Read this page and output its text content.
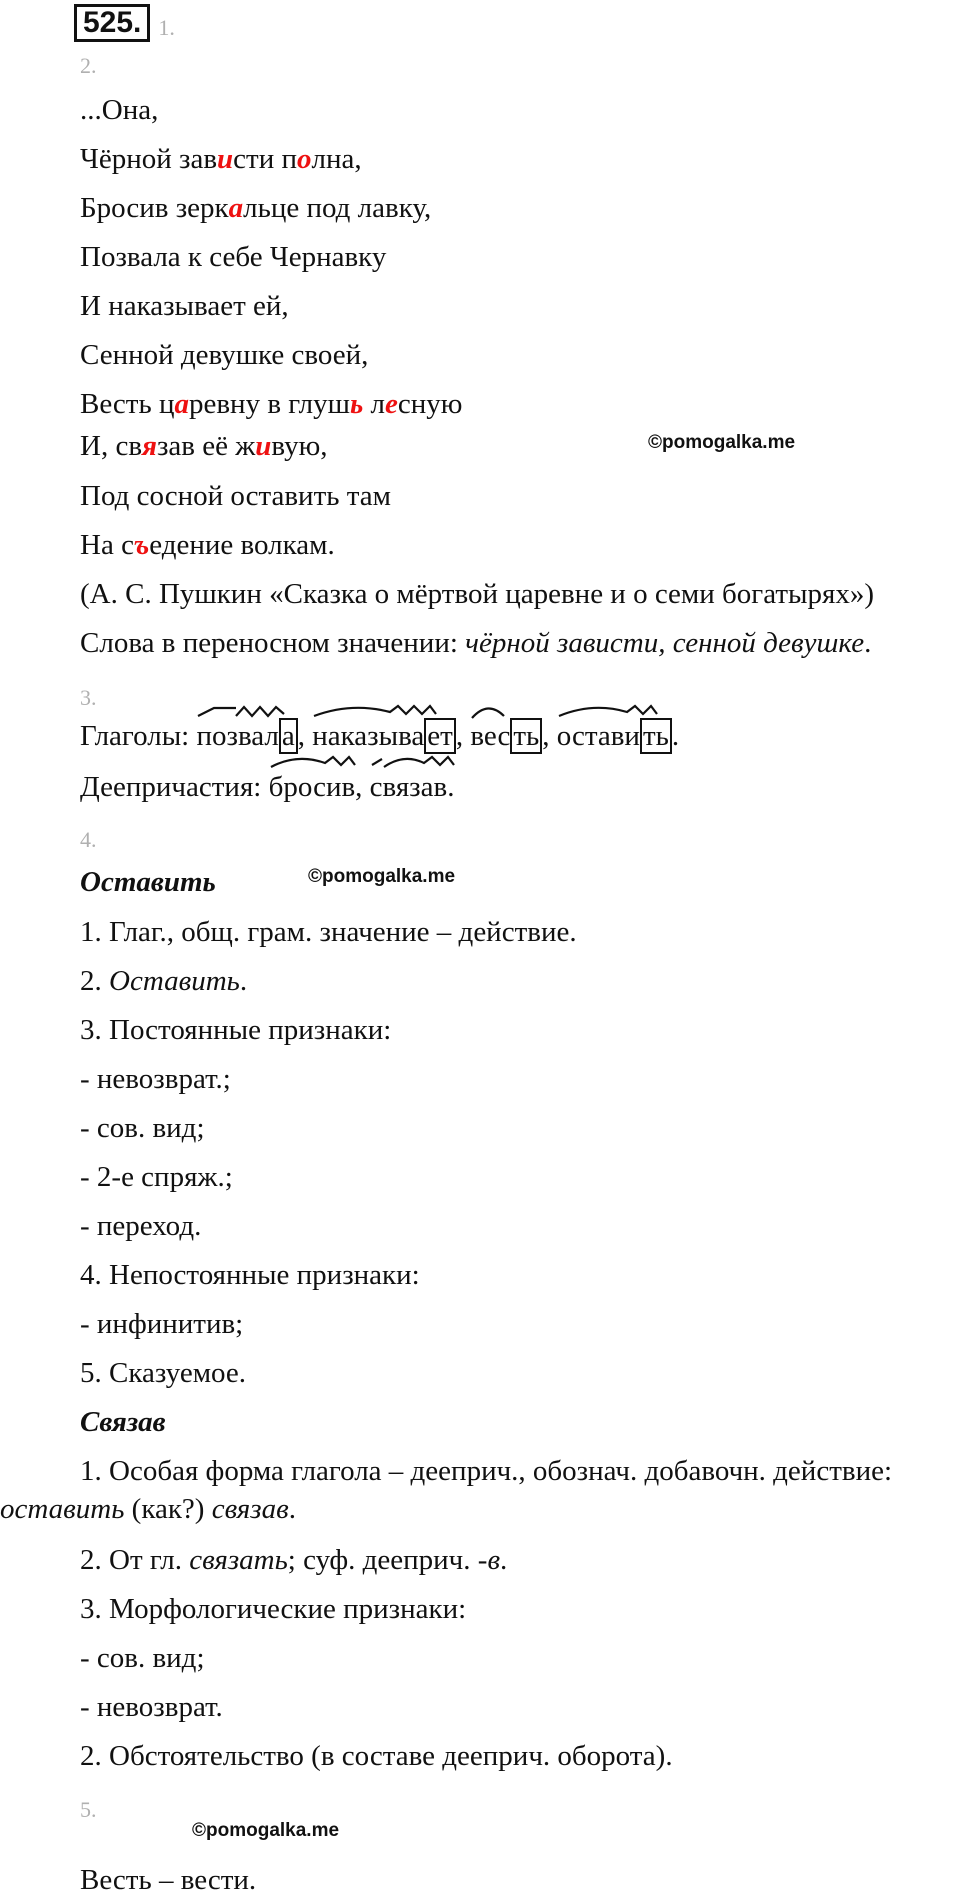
525. 1.
2.
...Она,
Чёрной зависти полна,
Бросив зеркальце под лавку,
Позвала к себе Чернавку
И наказывает ей,
Сенной девушке своей,
Весть царевну в глушь лесную
И, связав её живую,	©pomogalka.me
Под сосной оставить там
На съедение волкам.
(А. С. Пушкин «Сказка о мёртвой царевне и о семи богатырях»)
Слова в переносном значении: чёрной зависти, сенной девушке.
3.
Глаголы:
позвал а ,
наказыва ет ,
вес ть ,
остави ть .
Деепричастия:
бросив,
связав.
4.
Оставить	©pomogalka.me
1. Глаг., общ. грам. значение – действие.
2. Оставить.
3. Постоянные признаки:
- невозврат.;
- сов. вид;
- 2-е спряж.;
- переход.
4. Непостоянные признаки:
- инфинитив;
5. Сказуемое.
Связав
1. Особая форма глагола – дееприч., обознач. добавочн. действие:
оставить (как?) связав.
2. От гл. связать; суф. дееприч. -в.
3. Морфологические признаки:
- сов. вид;
- невозврат.
2. Обстоятельство (в составе дееприч. оборота).
5.
©pomogalka.me
Весть – вести.
